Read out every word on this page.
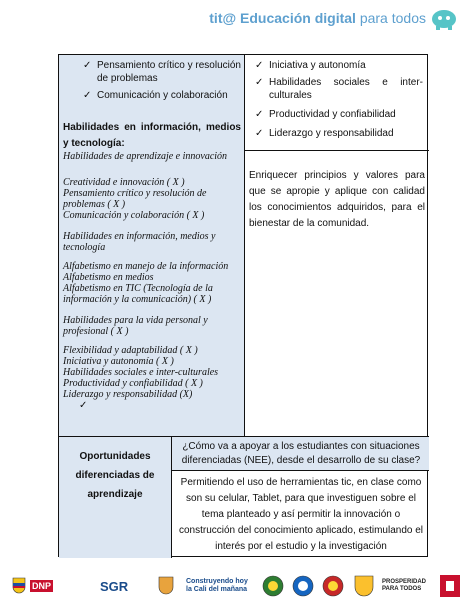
tit@ Educación digital para todos
✓ Pensamiento crítico y resolución de problemas
✓ Comunicación y colaboración
Habilidades en información, medios y tecnología:
Habilidades de aprendizaje e innovación
Creatividad e innovación ( X )
Pensamiento crítico y resolución de problemas ( X )
Comunicación y colaboración ( X )
Habilidades en información, medios y tecnología
Alfabetismo en manejo de la información
Alfabetismo en medios
Alfabetismo en TIC (Tecnología de la información y la comunicación) ( X )
Habilidades para la vida personal y profesional ( X )
Flexibilidad y adaptabilidad ( X )
Iniciativa y autonomía ( X )
Habilidades sociales e inter-culturales
Productividad y confiabilidad ( X )
Liderazgo y responsabilidad (X)
✓
✓ Iniciativa y autonomía
✓ Habilidades sociales e inter-culturales
✓ Productividad y confiabilidad
✓ Liderazgo y responsabilidad
Enriquecer principios y valores para que se apropie y aplique con calidad los conocimientos adquiridos, para el bienestar de la comunidad.
Oportunidades diferenciadas de aprendizaje
¿Cómo va a apoyar a los estudiantes con situaciones diferenciadas (NEE), desde el desarrollo de su clase?
Permitiendo el uso de herramientas tic, en clase como son su celular, Tablet, para que investiguen sobre el tema planteado y así permitir la innovación o construcción del conocimiento aplicado, estimulando el interés por el estudio y la investigación
DNP	SGR	Construyendo hoy la Cali del mañana
PROSPERIDAD PARA TODOS
